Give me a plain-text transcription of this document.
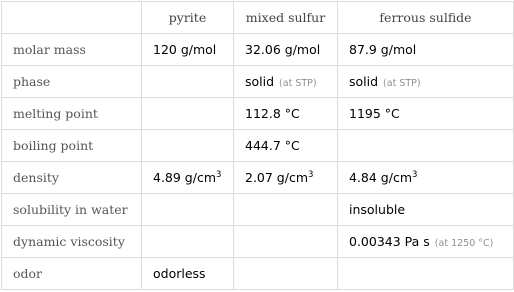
	pyrite	mixed sulfur	ferrous sulfide
molar mass	120 g/mol	32.06 g/mol	87.9 g/mol
phase		solid (at STP)	solid (at STP)
melting point		112.8 °C	1195 °C
boiling point		444.7 °C	
density	4.89 $g/cm^3$	2.07 $g/cm^3$	4.84 $g/cm^3$
solubility in water			insoluble
dynamic viscosity			0.00343 Pa s (at 1250 °C)
odor	odorless		
